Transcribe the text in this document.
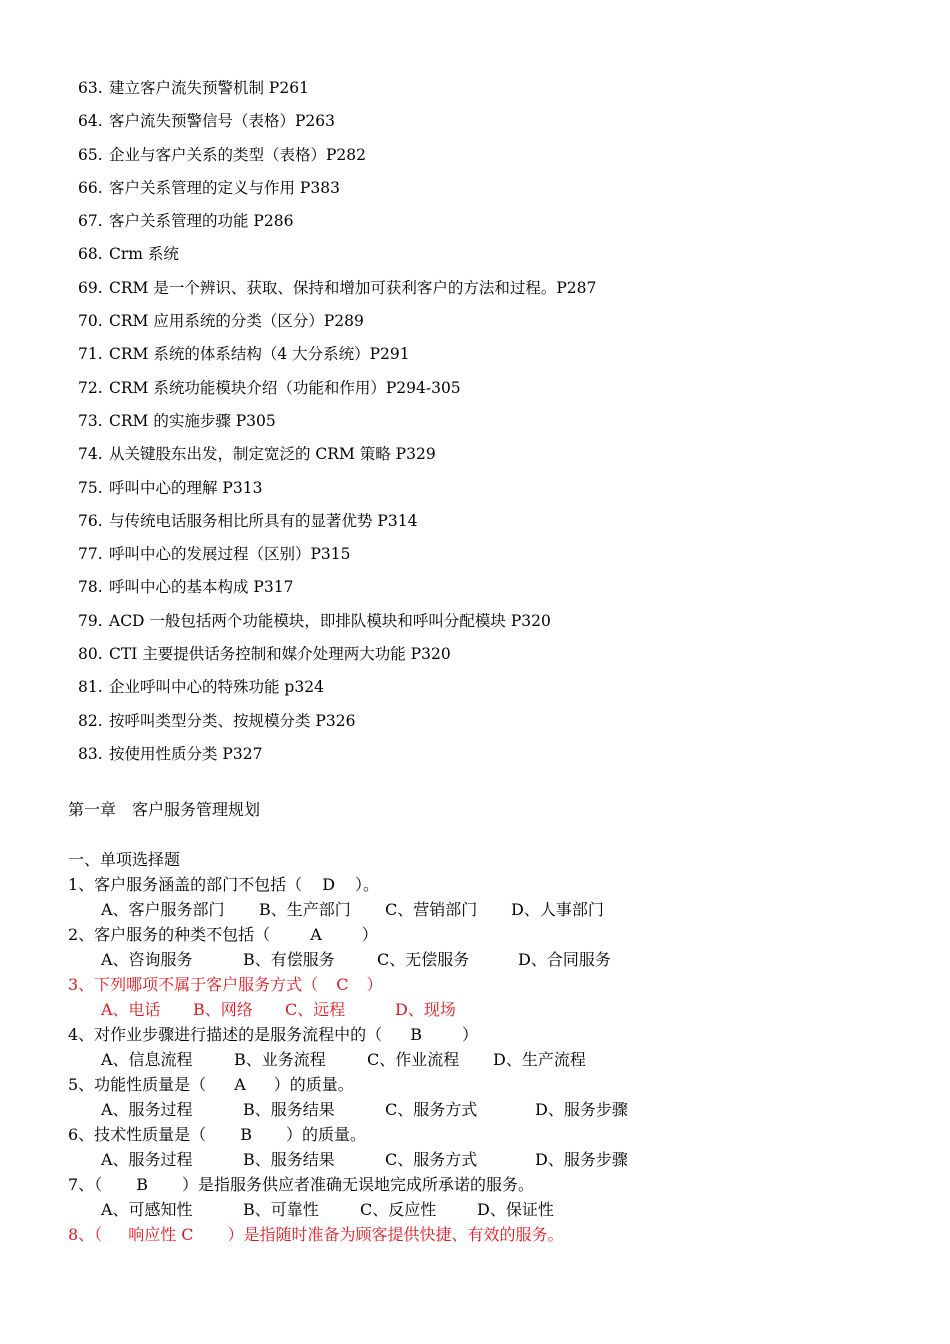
63. 建立客户流失预警机制 P261
64. 客户流失预警信号（表格）P263
65. 企业与客户关系的类型（表格）P282
66. 客户关系管理的定义与作用 P383
67. 客户关系管理的功能 P286
68. Crm 系统
69. CRM 是一个辨识、获取、保持和增加可获利客户的方法和过程。P287
70. CRM 应用系统的分类（区分）P289
71. CRM 系统的体系结构（4 大分系统）P291
72. CRM 系统功能模块介绍（功能和作用）P294-305
73. CRM 的实施步骤 P305
74. 从关键股东出发，制定宽泛的 CRM 策略 P329
75. 呼叫中心的理解 P313
76. 与传统电话服务相比所具有的显著优势 P314
77. 呼叫中心的发展过程（区别）P315
78. 呼叫中心的基本构成 P317
79. ACD 一般包括两个功能模块，即排队模块和呼叫分配模块 P320
80. CTI 主要提供话务控制和媒介处理两大功能 P320
81. 企业呼叫中心的特殊功能 p324
82. 按呼叫类型分类、按规模分类 P326
83. 按使用性质分类 P327
第一章　客户服务管理规划
一、单项选择题
1、客户服务涵盖的部门不包括（ D ）。
A、客户服务部门 B、生产部门 C、营销部门 D、人事部门
2、客户服务的种类不包括（	A	）
A、咨询服务	B、有偿服务	C、无偿服务	D、合同服务
3、下列哪项不属于客户服务方式（ C ）
A、电话 B、网络 C、远程	D、现场
4、对作业步骤进行描述的是服务流程中的（ B	）
A、信息流程	B、业务流程	C、作业流程 D、生产流程
5、功能性质量是（ A ）的质量。
A、服务过程	B、服务结果	C、服务方式	D、服务步骤
6、技术性质量是（ B ）的质量。
A、服务过程	B、服务结果	C、服务方式	D、服务步骤
7、（ B ）是指服务供应者准确无误地完成所承诺的服务。
A、可感知性	B、可靠性	C、反应性	D、保证性
8、（ 响应性 C ）是指随时准备为顾客提供快捷、有效的服务。
